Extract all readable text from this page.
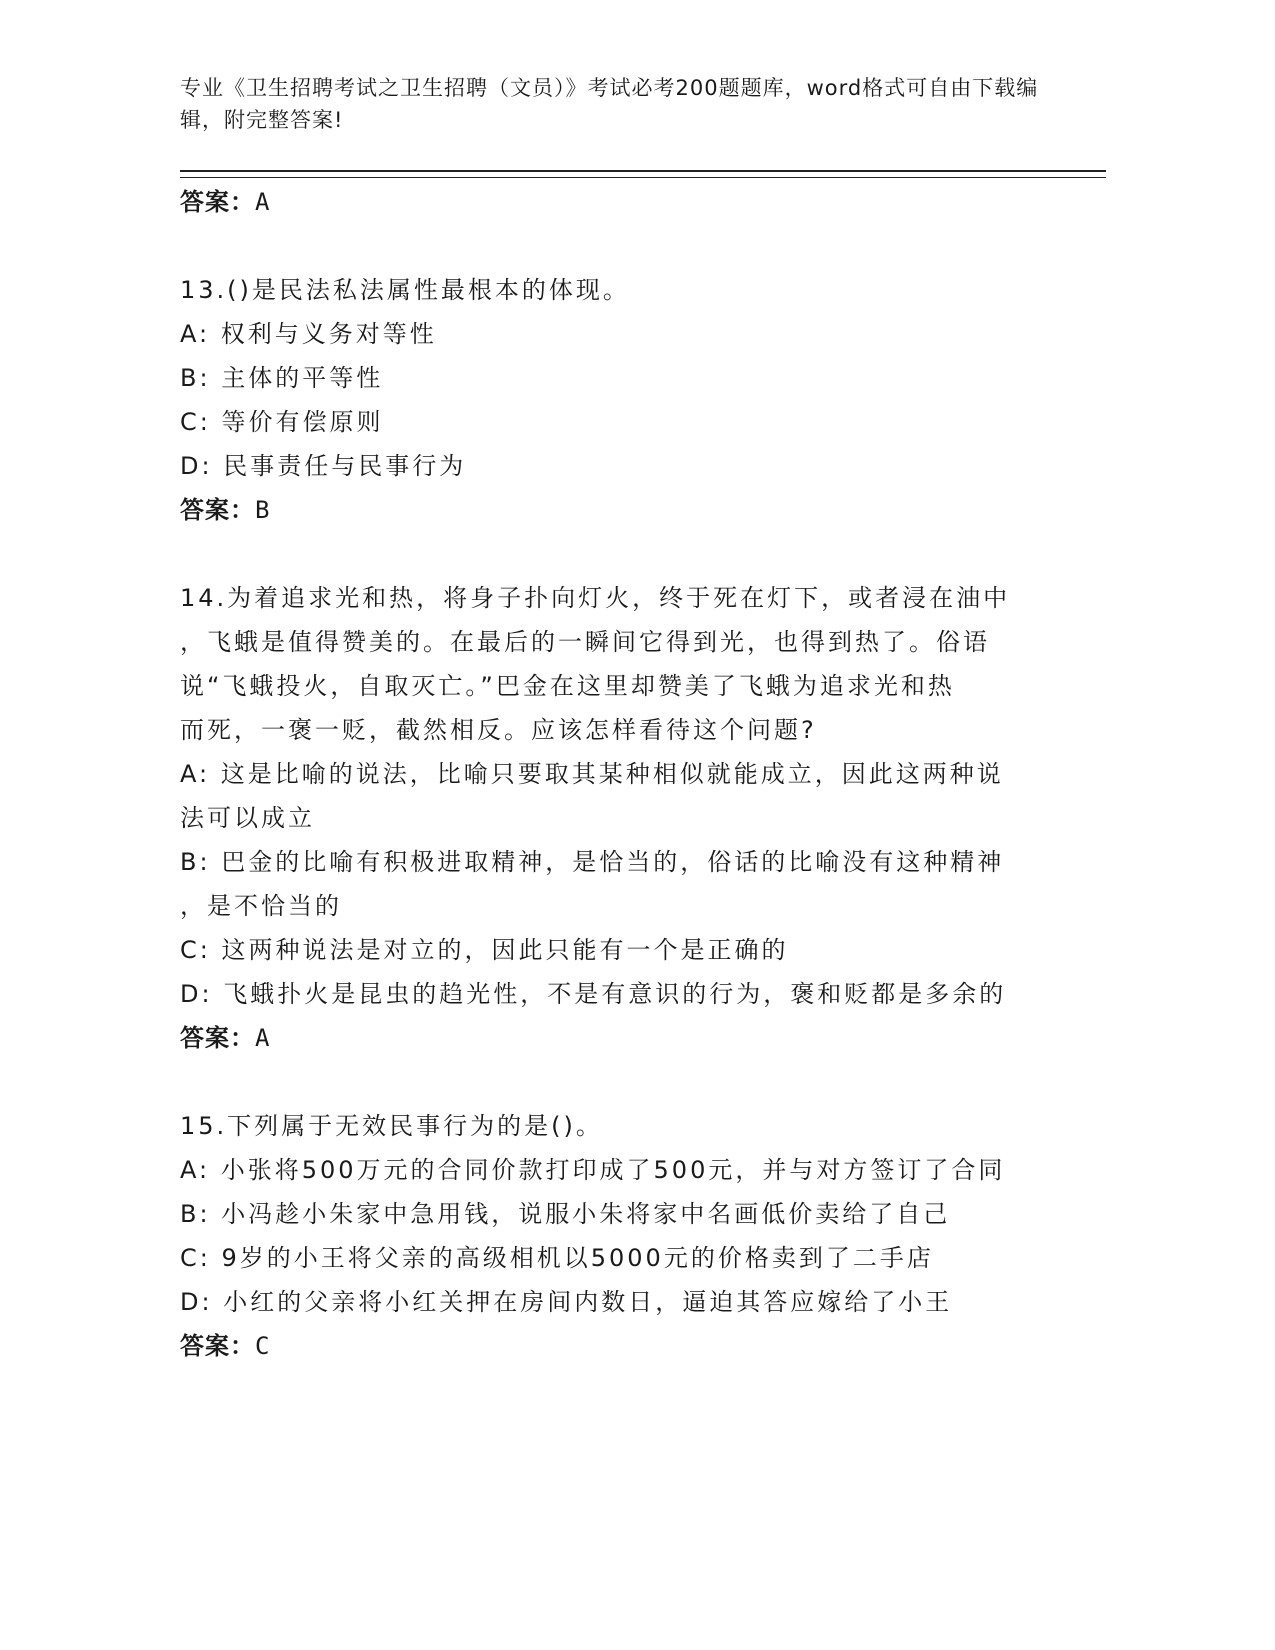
专业《卫生招聘考试之卫生招聘（文员）》考试必考200题题库，word格式可自由下载编辑，附完整答案!
答案：A
13.()是民法私法属性最根本的体现。
A:
权利与义务对等性
B:
主体的平等性
C:
等价有偿原则
D:
民事责任与民事行为
答案：B
14.为着追求光和热，将身子扑向灯火，终于死在灯下，或者浸在油中
，飞蛾是值得赞美的。在最后的一瞬间它得到光，也得到热了。俗语
说“飞蛾投火，自取灭亡。”巴金在这里却赞美了飞蛾为追求光和热
而死，一褒一贬，截然相反。应该怎样看待这个问题?
A: 这是比喻的说法，比喻只要取其某种相似就能成立，因此这两种说
法可以成立
B: 巴金的比喻有积极进取精神，是恰当的，俗话的比喻没有这种精神
，是不恰当的
C: 这两种说法是对立的，因此只能有一个是正确的
D: 飞蛾扑火是昆虫的趋光性，不是有意识的行为，褒和贬都是多余的
答案：A
15.下列属于无效民事行为的是()。
A: 小张将500万元的合同价款打印成了500元，并与对方签订了合同
B: 小冯趁小朱家中急用钱，说服小朱将家中名画低价卖给了自己
C: 9岁的小王将父亲的高级相机以5000元的价格卖到了二手店
D: 小红的父亲将小红关押在房间内数日，逼迫其答应嫁给了小王
答案：C
